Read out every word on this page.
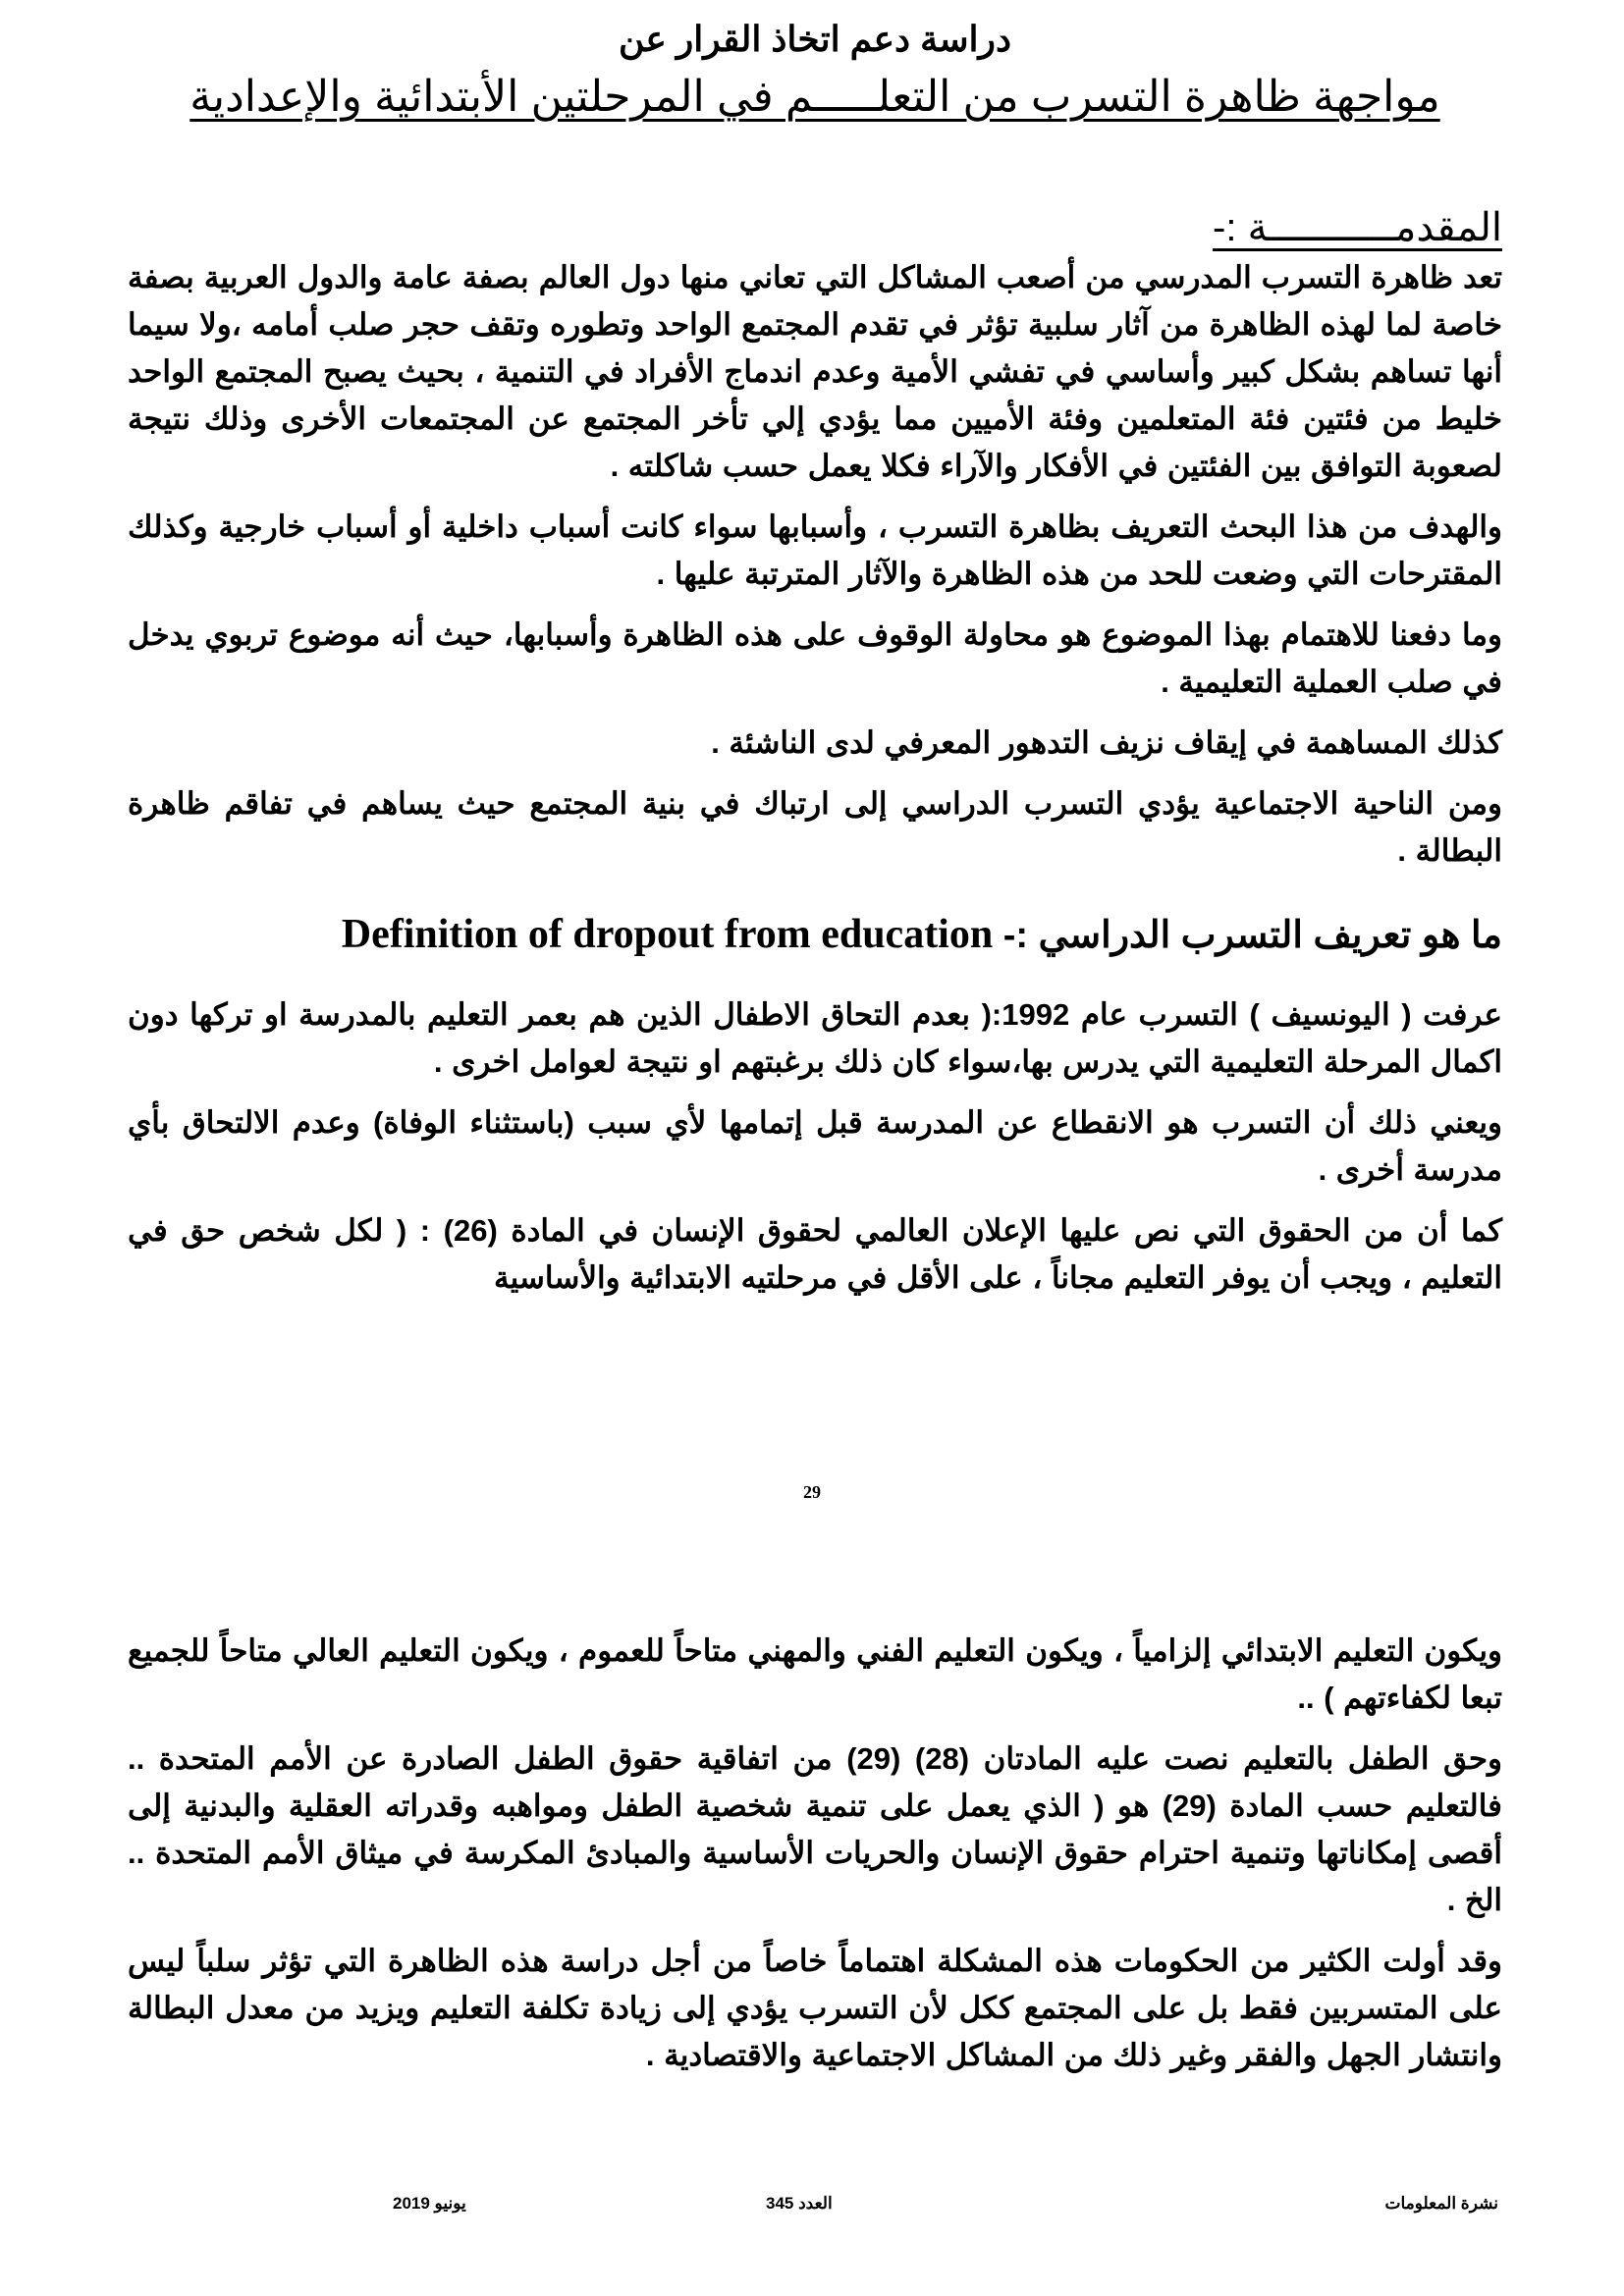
دراسة دعم اتخاذ القرار عن
مواجهة ظاهرة التسرب من التعلـــــم في المرحلتين الأبتدائية والإعدادية
المقدمـــــــــــة :-

تعد ظاهرة التسرب المدرسي من أصعب المشاكل التي تعاني منها دول العالم بصفة عامة والدول العربية بصفة خاصة لما لهذه الظاهرة من آثار سلبية تؤثر في تقدم المجتمع الواحد وتطوره وتقف حجر صلب أمامه ،ولا سيما أنها تساهم بشكل كبير وأساسي في تفشي الأمية وعدم اندماج الأفراد في التنمية ، بحيث يصبح المجتمع الواحد خليط من فئتين فئة المتعلمين وفئة الأميين مما يؤدي إلي تأخر المجتمع عن المجتمعات الأخرى وذلك نتيجة لصعوبة التوافق بين الفئتين في الأفكار والآراء فكلا يعمل حسب شاكلته .

والهدف من هذا البحث التعريف بظاهرة التسرب ، وأسبابها سواء كانت أسباب داخلية أو أسباب خارجية وكذلك المقترحات التي وضعت للحد من هذه الظاهرة والآثار المترتبة عليها .

وما دفعنا للاهتمام بهذا الموضوع هو محاولة الوقوف على هذه الظاهرة وأسبابها، حيث أنه موضوع تربوي يدخل في صلب العملية التعليمية .

كذلك المساهمة في إيقاف نزيف التدهور المعرفي لدى الناشئة .

ومن الناحية الاجتماعية يؤدي التسرب الدراسي إلى ارتباك في بنية المجتمع حيث يساهم في تفاقم ظاهرة البطالة .

ما هو تعريف التسرب الدراسي :- Definition of dropout from education

عرفت ( اليونسيف ) التسرب عام 1992:( بعدم التحاق الاطفال الذين هم بعمر التعليم بالمدرسة او تركها دون اكمال المرحلة التعليمية التي يدرس بها،سواء كان ذلك برغبتهم او نتيجة لعوامل اخرى .

ويعني ذلك أن التسرب هو الانقطاع عن المدرسة قبل إتمامها لأي سبب (باستثناء الوفاة) وعدم الالتحاق بأي مدرسة أخرى .

كما أن من الحقوق التي نص عليها الإعلان العالمي لحقوق الإنسان في المادة (26) : ( لكل شخص حق في التعليم ، ويجب أن يوفر التعليم مجاناً ، على الأقل في مرحلتيه الابتدائية والأساسية

29

ويكون التعليم الابتدائي إلزامياً ، ويكون التعليم الفني والمهني متاحاً للعموم ، ويكون التعليم العالي متاحاً للجميع تبعا لكفاءتهم ) ..

وحق الطفل بالتعليم نصت عليه المادتان (28) (29) من اتفاقية حقوق الطفل الصادرة عن الأمم المتحدة .. فالتعليم حسب المادة (29) هو ( الذي يعمل على تنمية شخصية الطفل ومواهبه وقدراته العقلية والبدنية إلى أقصى إمكاناتها وتنمية احترام حقوق الإنسان والحريات الأساسية والمبادئ المكرسة في ميثاق الأمم المتحدة .. الخ .

وقد أولت الكثير من الحكومات هذه المشكلة اهتماماً خاصاً من أجل دراسة هذه الظاهرة التي تؤثر سلباً ليس على المتسربين فقط بل على المجتمع ككل لأن التسرب يؤدي إلى زيادة تكلفة التعليم ويزيد من معدل البطالة وانتشار الجهل والفقر وغير ذلك من المشاكل الاجتماعية والاقتصادية .

نشرة المعلومات
العدد 345
يونيو 2019
